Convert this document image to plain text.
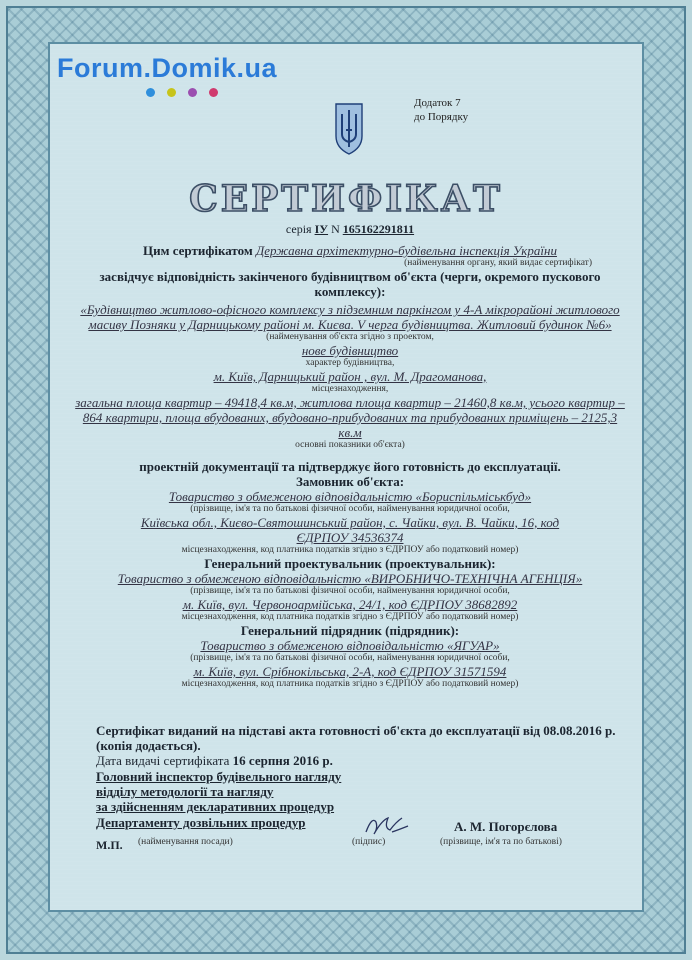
Forum.Domik.ua
Додаток 7
до Порядку
СЕРТИФІКАТ

серія ІУ N 165162291811

Цим сертифікатом Державна архітектурно-будівельна інспекція України

(найменування органу, який видає сертифікат)

засвідчує відповідність закінченого будівництвом об'єкта (черги, окремого пускового комплексу):

«Будівництво житлово-офісного комплексу з підземним паркінгом у 4-А мікрорайоні житлового масиву Позняки у Дарницькому районі м. Києва. V черга будівництва. Житловий будинок №6»

(найменування об'єкта згідно з проектом,

нове будівництво

характер будівництва,

м. Київ, Дарницький район , вул. М. Драгоманова,

місцезнаходження,

загальна площа квартир – 49418,4 кв.м, житлова площа квартир – 21460,8 кв.м, усього квартир – 864 квартири, площа вбудованих, вбудовано-прибудованих та прибудованих приміщень – 2125,3 кв.м

основні показники об'єкта)

проектній документації та підтверджує його готовність до експлуатації.

Замовник об'єкта:

Товариство з обмеженою відповідальністю «Бориспільміськбуд»

(прізвище, ім'я та по батькові фізичної особи, найменування юридичної особи,

Київська обл., Києво-Святошинський район, с. Чайки, вул. В. Чайки, 16, код ЄДРПОУ 34536374

місцезнаходження, код платника податків згідно з ЄДРПОУ або податковий номер)

Генеральний проектувальник (проектувальник):

Товариство з обмеженою відповідальністю «ВИРОБНИЧО-ТЕХНІЧНА АГЕНЦІЯ»

(прізвище, ім'я та по батькові фізичної особи, найменування юридичної особи,

м. Київ, вул. Червоноармійська, 24/1, код ЄДРПОУ 38682892

місцезнаходження, код платника податків згідно з ЄДРПОУ або податковий номер)

Генеральний підрядник (підрядник):

Товариство з обмеженою відповідальністю «ЯГУАР»

(прізвище, ім'я та по батькові фізичної особи, найменування юридичної особи,

м. Київ, вул. Срібнокільська, 2-А, код ЄДРПОУ 31571594

місцезнаходження, код платника податків згідно з ЄДРПОУ або податковий номер)

Сертифікат виданий на підставі акта готовності об'єкта до експлуатації від 08.08.2016 р. (копія додається).

Дата видачі сертифіката 16 серпня 2016 р.

Головний інспектор будівельного нагляду

відділу методології та нагляду

за здійсненням декларативних процедур

Департаменту дозвільних процедур	А. М. Погорєлова
(найменування посади)	(підпис)	(прізвище, ім'я та по батькові)
М.П.
